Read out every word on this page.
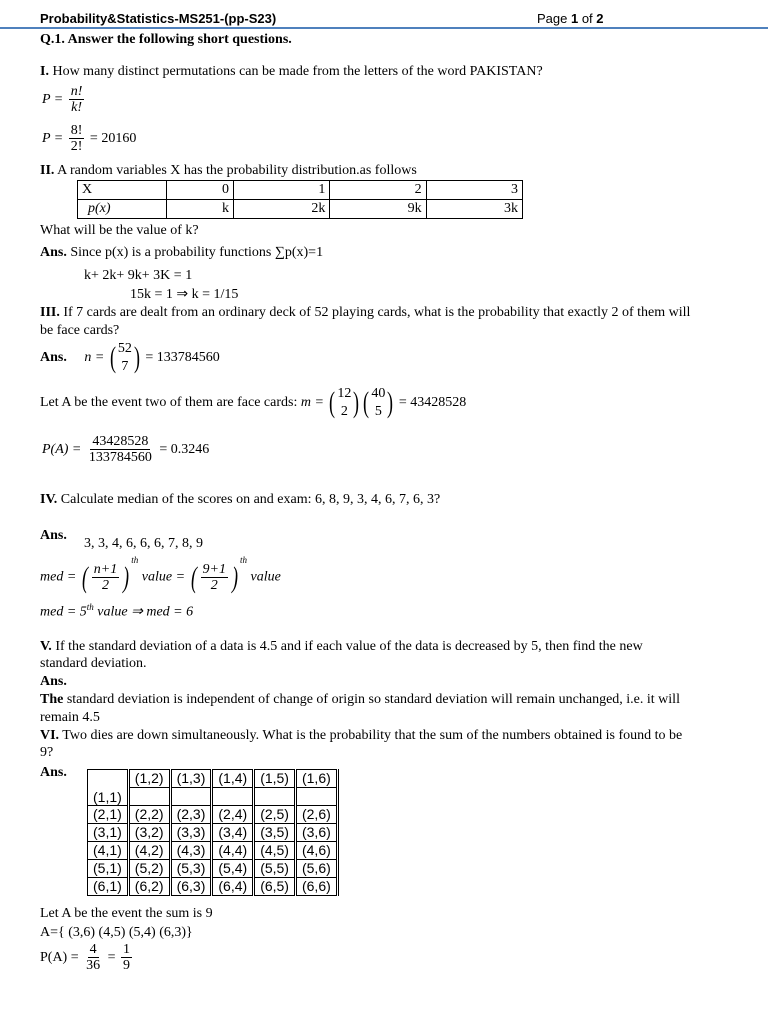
Probability&Statistics-MS251-(pp-S23)	Page 1 of 2
Q.1. Answer the following short questions.
I. How many distinct permutations can be made from the letters of the word PAKISTAN?
$P = \frac{n!}{k!}$
$P = \frac{8!}{2!} = 20160$
II. A random variables X has the probability distribution.as follows
X	0	1	2	3
p(x)	k	2k	9k	3k
What will be the value of k?
Ans. Since p(x) is a probability functions ∑p(x)=1
k+ 2k+ 9k+ 3K = 1
15k = 1 ⇒ k = 1/15
III. If 7 cards are dealt from an ordinary deck of 52 playing cards, what is the probability that exactly 2 of them will
be face cards?
Ans. n = ( 52
7 ) = 133784560
Let A be the event two of them are face cards: m = ( 12
2 ) ( 40
5 ) = 43428528
$P(A) = \frac{43428528}{133784560} = 0.3246$
IV. Calculate median of the scores on and exam: 6, 8, 9, 3, 4, 6, 7, 6, 3?
Ans.
3, 3, 4, 6, 6, 6, 7, 8, 9
med = ( $\frac{n+1}{2} )^{th}$ value = ( $\frac{9+1}{2} )^{th}$ value
med = 5th value ⇒ med = 6
V. If the standard deviation of a data is 4.5 and if each value of the data is decreased by 5, then find the new
standard deviation.
Ans.
The standard deviation is independent of change of origin so standard deviation will remain unchanged, i.e. it will
remain 4.5
VI. Two dies are down simultaneously. What is the probability that the sum of the numbers obtained is found to be
9?
Ans.
(1,1)	(1,2)	(1,3)	(1,4)	(1,5)	(1,6)

(2,1)	(2,2)	(2,3)	(2,4)	(2,5)	(2,6)
(3,1)	(3,2)	(3,3)	(3,4)	(3,5)	(3,6)
(4,1)	(4,2)	(4,3)	(4,4)	(4,5)	(4,6)
(5,1)	(5,2)	(5,3)	(5,4)	(5,5)	(5,6)
(6,1)	(6,2)	(6,3)	(6,4)	(6,5)	(6,6)
Let A be the event the sum is 9
A={ (3,6) (4,5) (5,4) (6,3)}
$P(A) = \frac{4}{36} = \frac{1}{9}$
